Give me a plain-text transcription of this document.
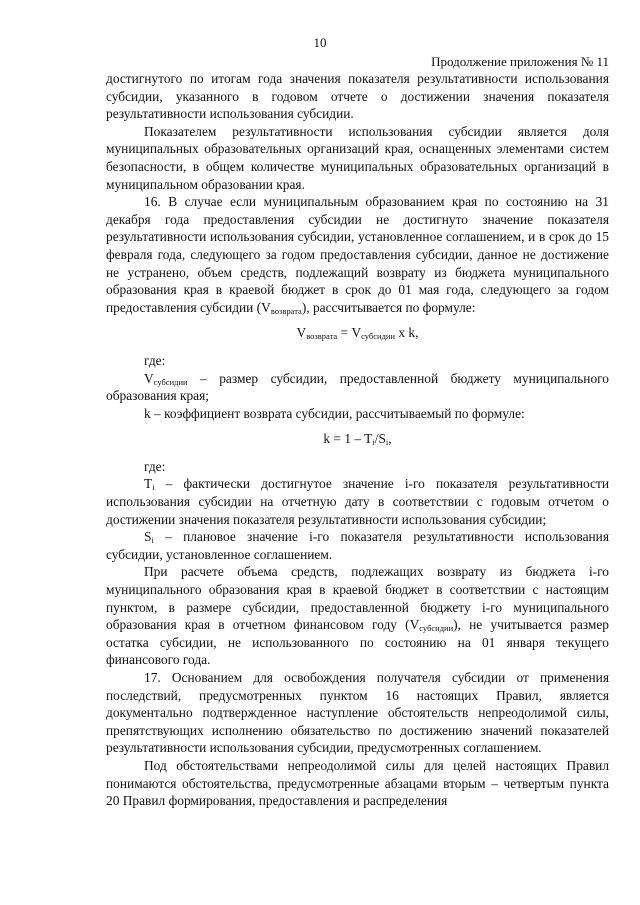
10
Продолжение приложения № 11

достигнутого по итогам года значения показателя результативности использования субсидии, указанного в годовом отчете о достижении значения показателя результативности использования субсидии.

Показателем результативности использования субсидии является доля муниципальных образовательных организаций края, оснащенных элементами систем безопасности, в общем количестве муниципальных образовательных организаций в муниципальном образовании края.

16. В случае если муниципальным образованием края по состоянию на 31 декабря года предоставления субсидии не достигнуто значение показателя результативности использования субсидии, установленное соглашением, и в срок до 15 февраля года, следующего за годом предоставления субсидии, данное не достижение не устранено, объем средств, подлежащий возврату из бюджета муниципального образования края в краевой бюджет в срок до 01 мая года, следующего за годом предоставления субсидии $(V_{возврата})$, рассчитывается по формуле:

$V_{возврата} = V_{субсидии}$ x k,

где:

$V_{субсидии}$ – размер субсидии, предоставленной бюджету муниципального образования края;

k – коэффициент возврата субсидии, рассчитываемый по формуле:

$k = 1 - T_i/S_i$,

где:

$T_i$ – фактически достигнутое значение i-го показателя результативности использования субсидии на отчетную дату в соответствии с годовым отчетом о достижении значения показателя результативности использования субсидии;

$S_i$ – плановое значение i-го показателя результативности использования субсидии, установленное соглашением.

При расчете объема средств, подлежащих возврату из бюджета i-го муниципального образования края в краевой бюджет в соответствии с настоящим пунктом, в размере субсидии, предоставленной бюджету i-го муниципального образования края в отчетном финансовом году $(V_{субсидии})$, не учитывается размер остатка субсидии, не использованного по состоянию на 01 января текущего финансового года.

17. Основанием для освобождения получателя субсидии от применения последствий, предусмотренных пунктом 16 настоящих Правил, является документально подтвержденное наступление обстоятельств непреодолимой силы, препятствующих исполнению обязательство по достижению значений показателей результативности использования субсидии, предусмотренных соглашением.

Под обстоятельствами непреодолимой силы для целей настоящих Правил понимаются обстоятельства, предусмотренные абзацами вторым – четвертым пункта 20 Правил формирования, предоставления и распределения
